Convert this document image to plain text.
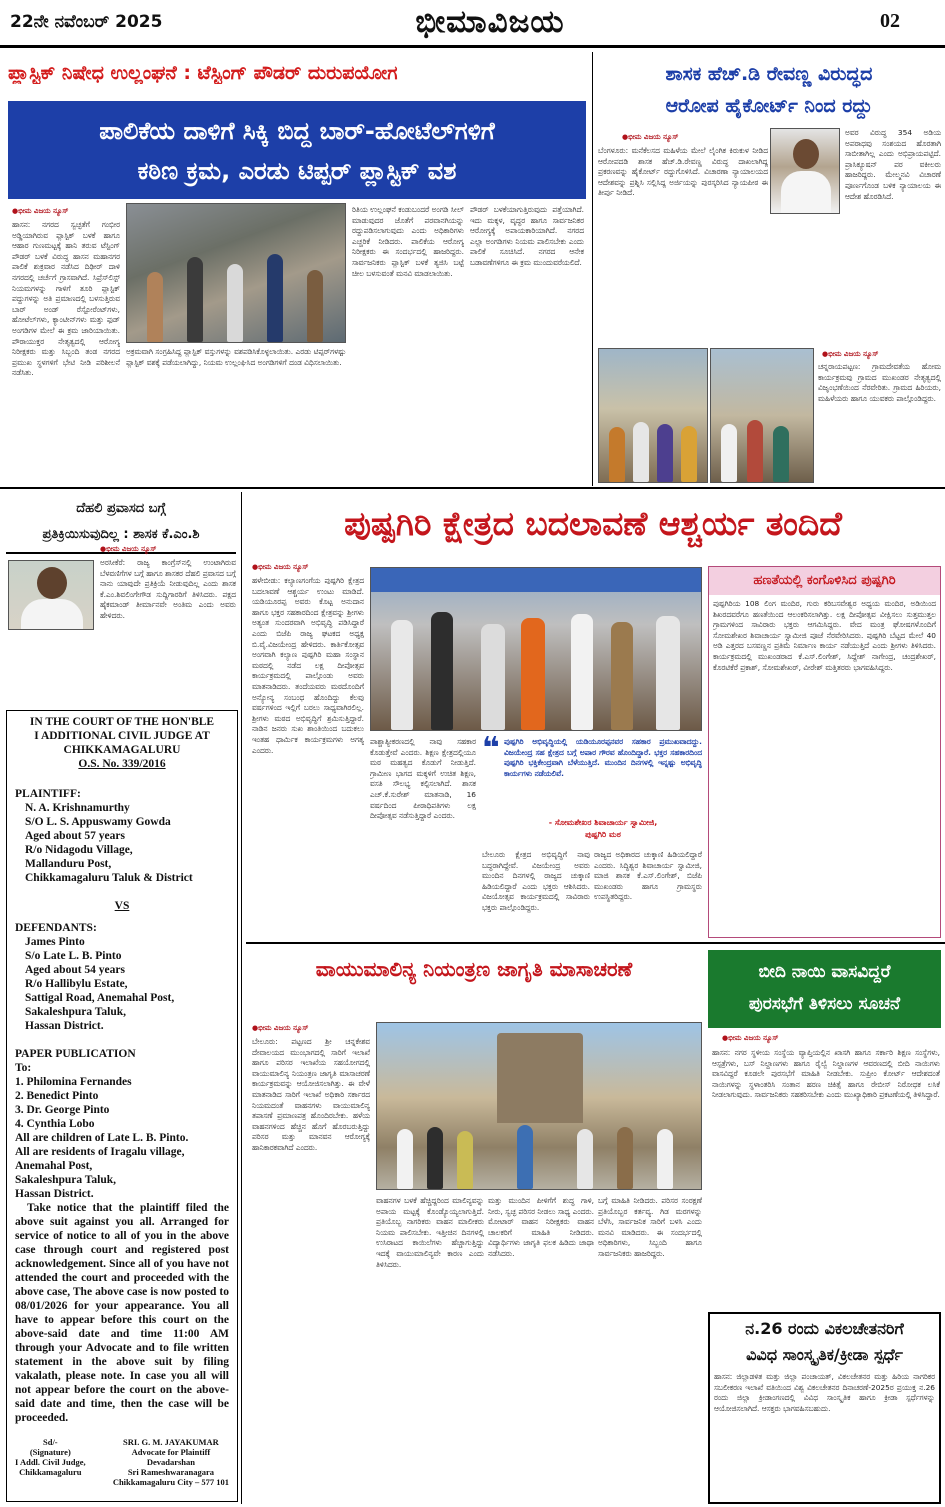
22ನೇ ನವೆಂಬರ್ 2025	ಭೀಮಾವಿಜಯ	02
ಪ್ಲಾಸ್ಟಿಕ್ ನಿಷೇಧ ಉಲ್ಲಂಘನೆ : ಟೆಸ್ಟಿಂಗ್ ಪೌಡರ್ ದುರುಪಯೋಗ
ಪಾಲಿಕೆಯ ದಾಳಿಗೆ ಸಿಕ್ಕಿ ಬಿದ್ದ ಬಾರ್-ಹೋಟೆಲ್‌ಗಳಿಗೆ
ಕಠಿಣ ಕ್ರಮ, ಎರಡು ಟಿಪ್ಪರ್ ಪ್ಲಾಸ್ಟಿಕ್ ವಶ
● ಭೀಮ ವಿಜಯ ನ್ಯೂಸ್
ಹಾಸನ: ನಗರದ ಸ್ವಚ್ಛತೆಗೆ ಗಂಭೀರ ಅಡ್ಡಿಯಾಗಿರುವ ಪ್ಲಾಸ್ಟಿಕ್ ಬಳಕೆ ಹಾಗೂ ಆಹಾರ ಗುಣಮಟ್ಟಕ್ಕೆ ಹಾನಿ ತರುವ ಟೆಸ್ಟಿಂಗ್ ಪೌಡರ್ ಬಳಕೆ ವಿರುದ್ಧ ಹಾಸನ ಮಹಾನಗರ ಪಾಲಿಕೆ ಶುಕ್ರವಾರ ನಡೆಸಿದ ದಿಢೀರ್ ದಾಳಿ ನಗರದಲ್ಲಿ ಚರ್ಚೆಗೆ ಗ್ರಾಸವಾಗಿದೆ. ಸಿಪ್ರೆಸ್‌ಲಿಸ್ಟ್ ನಿಯಮಗಳನ್ನು ಗಾಳಿಗೆ ತೂರಿ ಪ್ಲಾಸ್ಟಿಕ್ ಪದ್ದುಗಳನ್ನು ಅತಿ ಪ್ರಮಾಣದಲ್ಲಿ ಬಳಸುತ್ತಿರುವ ಬಾರ್ ಅಂಡ್ ರೆಸ್ಟೋರೆಂಟ್‌ಗಳು, ಹೋಟೆಲ್‌ಗಳು, ಕ್ಯಾಂಟೀನ್‌ಗಳು ಮತ್ತು ಫುಡ್ ಅಂಗಡಿಗಳ ಮೇಲೆ ಈ ಕ್ರಮ ಜಾರಿಯಾಯಿತು. ಪೌರಾಯುಕ್ತರ ನೇತೃತ್ವದಲ್ಲಿ ಆರೋಗ್ಯ ನಿರೀಕ್ಷಕರು ಮತ್ತು ಸಿಬ್ಬಂದಿ ತಂಡ ನಗರದ ಪ್ರಮುಖ ಸ್ಥಳಗಳಿಗೆ ಭೇಟಿ ನೀಡಿ ಪರಿಶೀಲನೆ ನಡೆಸಿತು.
ಅಕ್ರಮವಾಗಿ ಸಂಗ್ರಹಿಸಿದ್ದ ಪ್ಲಾಸ್ಟಿಕ್ ವಸ್ತುಗಳನ್ನು ವಶಪಡಿಸಿಕೊಳ್ಳಲಾಯಿತು. ಎರಡು ಟಿಪ್ಪರ್‌ಗಳಷ್ಟು ಪ್ಲಾಸ್ಟಿಕ್ ವಶಕ್ಕೆ ಪಡೆಯಲಾಗಿದ್ದು, ನಿಯಮ ಉಲ್ಲಂಘಿಸಿದ ಅಂಗಡಿಗಳಿಗೆ ದಂಡ ವಿಧಿಸಲಾಯಿತು.
ರಿತಿಯ ಉಲ್ಲಂಘನೆ ಕಂಡುಬಂದರೆ ಅಂಗಡಿ ಸೀಲ್ ಮಾಡುವುದರ ಜೊತೆಗೆ ಪರವಾನಗಿಯನ್ನು ರದ್ದುಪಡಿಸಲಾಗುವುದು ಎಂದು ಅಧಿಕಾರಿಗಳು ಎಚ್ಚರಿಕೆ ನೀಡಿದರು. ಪಾಲಿಕೆಯ ಆರೋಗ್ಯ ನಿರೀಕ್ಷಕರು ಈ ಸಂದರ್ಭದಲ್ಲಿ ಹಾಜರಿದ್ದರು. ಸಾರ್ವಜನಿಕರು ಪ್ಲಾಸ್ಟಿಕ್ ಬಳಕೆ ತ್ಯಜಿಸಿ ಬಟ್ಟೆ ಚೀಲ ಬಳಸುವಂತೆ ಮನವಿ ಮಾಡಲಾಯಿತು.
ಪೌಡರ್ ಬಳಕೆಯಾಗುತ್ತಿರುವುದು ಪತ್ತೆಯಾಗಿದೆ. ಇದು ಮಕ್ಕಳ, ವೃದ್ಧರ ಹಾಗೂ ಸಾರ್ವಜನಿಕರ ಆರೋಗ್ಯಕ್ಕೆ ಅಪಾಯಕಾರಿಯಾಗಿದೆ. ನಗರದ ಎಲ್ಲಾ ಅಂಗಡಿಗಳು ನಿಯಮ ಪಾಲಿಸಬೇಕು ಎಂದು ಪಾಲಿಕೆ ಸೂಚಿಸಿದೆ. ನಗರದ ಆನೇಕ ಬಡಾವಣೆಗಳಿಗೂ ಈ ಕ್ರಮ ಮುಂದುವರೆಯಲಿದೆ.
ಶಾಸಕ ಹೆಚ್.ಡಿ ರೇವಣ್ಣ ವಿರುದ್ಧದ
ಆರೋಪ ಹೈಕೋರ್ಟ್ ನಿಂದ ರದ್ದು
● ಭೀಮ ವಿಜಯ ನ್ಯೂಸ್
ಬೆಂಗಳೂರು: ಮನೆಕೆಲಸದ ಮಹಿಳೆಯ ಮೇಲೆ ಲೈಂಗಿಕ ಕಿರುಕುಳ ನೀಡಿದ ಆರೋಪದಡಿ ಶಾಸಕ ಹೆಚ್.ಡಿ.ರೇವಣ್ಣ ವಿರುದ್ಧ ದಾಖಲಾಗಿದ್ದ ಪ್ರಕರಣವನ್ನು ಹೈಕೋರ್ಟ್ ರದ್ದುಗೊಳಿಸಿದೆ. ವಿಚಾರಣಾ ನ್ಯಾಯಾಲಯದ ಆದೇಶವನ್ನು ಪ್ರಶ್ನಿಸಿ ಸಲ್ಲಿಸಿದ್ದ ಅರ್ಜಿಯನ್ನು ಪುರಸ್ಕರಿಸಿದ ನ್ಯಾಯಪೀಠ ಈ ತೀರ್ಪು ನೀಡಿದೆ.
ಅವರ ವಿರುದ್ಧ 354 ಅಡಿಯ ಅಪರಾಧವು ಸಂಶಯದ ಹೊರತಾಗಿ ಸಾಬೀತಾಗಿಲ್ಲ ಎಂದು ಅಭಿಪ್ರಾಯಪಟ್ಟಿದೆ. ಪ್ರಾಸಿಕ್ಯೂಷನ್ ಪರ ವಕೀಲರು ಹಾಜರಿದ್ದರು. ಮೇಲ್ಮನವಿ ವಿಚಾರಣೆ ಪೂರ್ಣಗೊಂಡ ಬಳಿಕ ನ್ಯಾಯಾಲಯ ಈ ಆದೇಶ ಹೊರಡಿಸಿದೆ.
● ಭೀಮ ವಿಜಯ ನ್ಯೂಸ್
ಚನ್ನರಾಯಪಟ್ಟಣ: ಗ್ರಾಮದೇವತೆಯ ಹೋಮ ಕಾರ್ಯಕ್ರಮವು ಗ್ರಾಮದ ಮುಖಂಡರ ನೇತೃತ್ವದಲ್ಲಿ ವಿಜೃಂಭಣೆಯಿಂದ ನೆರವೇರಿತು. ಗ್ರಾಮದ ಹಿರಿಯರು, ಮಹಿಳೆಯರು ಹಾಗೂ ಯುವಕರು ಪಾಲ್ಗೊಂಡಿದ್ದರು.
ದೆಹಲಿ ಪ್ರವಾಸದ ಬಗ್ಗೆ
ಪ್ರತಿಕ್ರಿಯಿಸುವುದಿಲ್ಲ : ಶಾಸಕ ಕೆ.ಎಂ.ಶಿ
● ಭೀಮ ವಿಜಯ ನ್ಯೂಸ್
ಅರಸೀಕೆರೆ: ರಾಜ್ಯ ಕಾಂಗ್ರೆಸ್‌ನಲ್ಲಿ ಉಂಟಾಗಿರುವ ಬೆಳವಣಿಗೆಗಳ ಬಗ್ಗೆ ಹಾಗೂ ಶಾಸಕರ ದೆಹಲಿ ಪ್ರವಾಸದ ಬಗ್ಗೆ ನಾನು ಯಾವುದೇ ಪ್ರತಿಕ್ರಿಯೆ ನೀಡುವುದಿಲ್ಲ ಎಂದು ಶಾಸಕ ಕೆ.ಎಂ.ಶಿವಲಿಂಗೇಗೌಡ ಸುದ್ದಿಗಾರರಿಗೆ ತಿಳಿಸಿದರು. ಪಕ್ಷದ ಹೈಕಮಾಂಡ್ ತೀರ್ಮಾನವೇ ಅಂತಿಮ ಎಂದು ಅವರು ಹೇಳಿದರು.
IN THE COURT OF THE HON'BLE
I ADDITIONAL CIVIL JUDGE AT
CHIKKAMAGALURU
O.S. No. 339/2016
PLAINTIFF:
N. A. Krishnamurthy
S/O L. S. Appuswamy Gowda
Aged about 57 years
R/o Nidagodu Village,
Mallanduru Post,
Chikkamagaluru Taluk & District
VS
DEFENDANTS:
James Pinto
S/o Late L. B. Pinto
Aged about 54 years
R/o Hallibylu Estate,
Sattigal Road, Anemahal Post,
Sakaleshpura Taluk,
Hassan District.
PAPER PUBLICATION
To:
1. Philomina Fernandes
2. Benedict Pinto
3. Dr. George Pinto
4. Cynthia Lobo
All are children of Late L. B. Pinto.
All are residents of Iragalu village,
Anemahal Post,
Sakaleshpura Taluk,
Hassan District.
Take notice that the plaintiff filed the above suit against you all. Arranged for service of notice to all of you in the above case through court and registered post acknowledgement. Since all of you have not attended the court and proceeded with the above case, The above case is now posted to 08/01/2026 for your appearance. You all have to appear before this court on the above-said date and time 11:00 AM through your Advocate and to file written statement in the above suit by filing vakalath, please note. In case you all will not appear before the court on the above-said date and time, then the case will be proceeded.
Sd/-
(Signature)
I Addl. Civil Judge,
Chikkamagaluru
SRI. G. M. JAYAKUMAR
Advocate for Plaintiff
Devadarshan
Sri Rameshwaranagara
Chikkamagaluru City – 577 101
ಪುಷ್ಪಗಿರಿ ಕ್ಷೇತ್ರದ ಬದಲಾವಣೆ ಆಶ್ಚರ್ಯ ತಂದಿದೆ
● ಭೀಮ ವಿಜಯ ನ್ಯೂಸ್
ಹಳೇಬೀಡು: ಕಲ್ಯಾಣಗಂಗೆಯ ಪುಷ್ಪಗಿರಿ ಕ್ಷೇತ್ರದ ಬದಲಾವಣೆ ಆಶ್ಚರ್ಯ ಉಂಟು ಮಾಡಿದೆ. ಯಡಿಯೂರಪ್ಪ ಅವರು ಕೊಟ್ಟ ಅನುದಾನ ಹಾಗೂ ಭಕ್ತರ ಸಹಕಾರದಿಂದ ಕ್ಷೇತ್ರವನ್ನು ಶ್ರೀಗಳು ಅತ್ಯಂತ ಸುಂದರವಾಗಿ ಅಭಿವೃದ್ಧಿ ಪಡಿಸಿದ್ದಾರೆ ಎಂದು ಬಿಜೆಪಿ ರಾಜ್ಯ ಘಟಕದ ಅಧ್ಯಕ್ಷ ಬಿ.ವೈ.ವಿಜಯೇಂದ್ರ ಹೇಳಿದರು. ಕಾರ್ತಿಕೋತ್ಸವ ಅಂಗವಾಗಿ ಕಲ್ಯಾಣ ಪುಷ್ಪಗಿರಿ ಮಹಾ ಸಂಸ್ಥಾನ ಮಠದಲ್ಲಿ ನಡೆದ ಲಕ್ಷ ದೀಪೋತ್ಸವ ಕಾರ್ಯಕ್ರಮದಲ್ಲಿ ಪಾಲ್ಗೊಂಡು ಅವರು ಮಾತನಾಡಿದರು. ತಂದೆಯವರು ಮಠದೊಂದಿಗೆ ಅನ್ಯೋನ್ಯ ಸಂಬಂಧ ಹೊಂದಿದ್ದು ಕೆಲವು ವರ್ಷಗಳಿಂದ ಇಲ್ಲಿಗೆ ಬರಲು ಸಾಧ್ಯವಾಗಿರಲಿಲ್ಲ. ಶ್ರೀಗಳು ಮಠದ ಅಭಿವೃದ್ಧಿಗೆ ಶ್ರಮಿಸುತ್ತಿದ್ದಾರೆ. ನಾಡಿನ ಜನರು ಸುಖ ಶಾಂತಿಯಿಂದ ಬದುಕಲು ಇಂತಹ ಧಾರ್ಮಿಕ ಕಾರ್ಯಕ್ರಮಗಳು ಅಗತ್ಯ ಎಂದರು.
ಪಾಶ್ಚಾತ್ಯೀಕರಣದಲ್ಲಿ ನಾವು ಸಹಕಾರ ಕೊಡುತ್ತೇವೆ ಎಂದರು. ಶಿಕ್ಷಣ ಕ್ಷೇತ್ರದಲ್ಲಿಯೂ ಮಠ ಮಹತ್ವದ ಕೊಡುಗೆ ನೀಡುತ್ತಿದೆ. ಗ್ರಾಮೀಣ ಭಾಗದ ಮಕ್ಕಳಿಗೆ ಉಚಿತ ಶಿಕ್ಷಣ, ವಸತಿ ಸೌಲಭ್ಯ ಕಲ್ಪಿಸಲಾಗಿದೆ. ಶಾಸಕ ಎಚ್.ಕೆ.ಸುರೇಶ್ ಮಾತನಾಡಿ, 16 ವರ್ಷದಿಂದ ಪೀಠಾಧಿಪತಿಗಳು ಲಕ್ಷ ದೀಪೋತ್ಸವ ನಡೆಸುತ್ತಿದ್ದಾರೆ ಎಂದರು.
❝ ಪುಷ್ಪಗಿರಿ ಅಭಿವೃದ್ಧಿಯಲ್ಲಿ ಯಡಿಯೂರಪ್ಪನವರ ಸಹಕಾರ ಪ್ರಮುಖವಾದದ್ದು. ವಿಜಯೇಂದ್ರ ಸಹ ಕ್ಷೇತ್ರದ ಬಗ್ಗೆ ಅಪಾರ ಗೌರವ ಹೊಂದಿದ್ದಾರೆ. ಭಕ್ತರ ಸಹಕಾರದಿಂದ ಪುಷ್ಪಗಿರಿ ಭಕ್ತಿಕೇಂದ್ರವಾಗಿ ಬೆಳೆಯುತ್ತಿದೆ. ಮುಂದಿನ ದಿನಗಳಲ್ಲಿ ಇನ್ನಷ್ಟು ಅಭಿವೃದ್ಧಿ ಕಾರ್ಯಗಳು ನಡೆಯಲಿವೆ.
- ಸೋಮಶೇಖರ ಶಿವಾಚಾರ್ಯ ಸ್ವಾಮೀಜಿ,
ಪುಷ್ಪಗಿರಿ ಮಠ
ಬೇಲೂರು ಕ್ಷೇತ್ರದ ಅಭಿವೃದ್ಧಿಗೆ ನಾವು ಬದ್ಧರಾಗಿದ್ದೇವೆ. ವಿಜಯೇಂದ್ರ ಅವರು ಮುಂದಿನ ದಿನಗಳಲ್ಲಿ ರಾಜ್ಯದ ಚುಕ್ಕಾಣಿ ಹಿಡಿಯಲಿದ್ದಾರೆ ಎಂದು ಭಕ್ತರು ಆಶಿಸಿದರು. ವಿಜಯೋತ್ಸವ ಕಾರ್ಯಕ್ರಮದಲ್ಲಿ ಸಾವಿರಾರು ಭಕ್ತರು ಪಾಲ್ಗೊಂಡಿದ್ದರು.
ರಾಜ್ಯದ ಅಧಿಕಾರದ ಚುಕ್ಕಾಣಿ ಹಿಡಿಯಲಿದ್ದಾರೆ ಎಂದರು. ಸಿದ್ಧಿಶ್ವರ ಶಿವಾಚಾರ್ಯ ಸ್ವಾಮೀಜಿ, ಮಾಜಿ ಶಾಸಕ ಕೆ.ಎಸ್.ಲಿಂಗೇಶ್, ಬಿಜೆಪಿ ಮುಖಂಡರು ಹಾಗೂ ಗ್ರಾಮಸ್ಥರು ಉಪಸ್ಥಿತರಿದ್ದರು.
ಹಣತೆಯಲ್ಲಿ ಕಂಗೊಳಿಸಿದ ಪುಷ್ಪಗಿರಿ
ಪುಷ್ಪಗಿರಿಯ 108 ಲಿಂಗ ಮಂದಿರ, ಗುರು ಕರಿಬಸವೇಶ್ವರ ಅಧ್ಯಯ ಮಂದಿರ, ಅಡಿಯಿಂದ ಶಿಖರದವರೆಗೂ ಹಣತೆಯಿಂದ ಆಲಂಕರಿಸಲಾಗಿತ್ತು. ಲಕ್ಷ ದೀಪೋತ್ಸವ ವೀಕ್ಷಿಸಲು ಸುತ್ತಮುತ್ತಲ ಗ್ರಾಮಗಳಿಂದ ಸಾವಿರಾರು ಭಕ್ತರು ಆಗಮಿಸಿದ್ದರು. ವೇದ ಮಂತ್ರ ಘೋಷಗಳೊಂದಿಗೆ ಸೋಮಶೇಖರ ಶಿವಾಚಾರ್ಯ ಸ್ವಾಮೀಜಿ ಪೂಜೆ ನೆರವೇರಿಸಿದರು. ಪುಷ್ಪಗಿರಿ ಬೆಟ್ಟದ ಮೇಲೆ 40 ಅಡಿ ಎತ್ತರದ ಬಸವಣ್ಣನ ಪ್ರತಿಮೆ ನಿರ್ಮಾಣ ಕಾರ್ಯ ನಡೆಯುತ್ತಿದೆ ಎಂದು ಶ್ರೀಗಳು ತಿಳಿಸಿದರು. ಕಾರ್ಯಕ್ರಮದಲ್ಲಿ ಮುಖಂಡರಾದ ಕೆ.ಎಸ್.ಲಿಂಗೇಶ್, ಸಿದ್ದೇಶ್ ನಾಗೇಂದ್ರ, ಚಂದ್ರಶೇಖರ್, ಕೊರಟಿಕೆರೆ ಪ್ರಕಾಶ್, ಸೋಮಶೇಖರ್, ವೀರೇಶ್ ಮತ್ತಿತರರು ಭಾಗವಹಿಸಿದ್ದರು.
ವಾಯುಮಾಲಿನ್ಯ ನಿಯಂತ್ರಣ ಜಾಗೃತಿ ಮಾಸಾಚರಣೆ
● ಭೀಮ ವಿಜಯ ನ್ಯೂಸ್
ಬೇಲೂರು: ಪಟ್ಟಣದ ಶ್ರೀ ಚನ್ನಕೇಶವ ದೇವಾಲಯದ ಮುಂಭಾಗದಲ್ಲಿ ಸಾರಿಗೆ ಇಲಾಖೆ ಹಾಗೂ ಪರಿಸರ ಇಲಾಖೆಯ ಸಹಯೋಗದಲ್ಲಿ ವಾಯುಮಾಲಿನ್ಯ ನಿಯಂತ್ರಣ ಜಾಗೃತಿ ಮಾಸಾಚರಣೆ ಕಾರ್ಯಕ್ರಮವನ್ನು ಆಯೋಜಿಸಲಾಗಿತ್ತು. ಈ ವೇಳೆ ಮಾತನಾಡಿದ ಸಾರಿಗೆ ಇಲಾಖೆ ಅಧಿಕಾರಿ ಸರ್ಕಾರದ ನಿಯಮದಂತೆ ವಾಹನಗಳು ವಾಯುಮಾಲಿನ್ಯ ತಪಾಸಣೆ ಪ್ರಮಾಣಪತ್ರ ಹೊಂದಿರಬೇಕು. ಹಳೆಯ ವಾಹನಗಳಿಂದ ಹೆಚ್ಚಿನ ಹೊಗೆ ಹೊರಬರುತ್ತಿದ್ದು ಪರಿಸರ ಮತ್ತು ಮಾನವನ ಆರೋಗ್ಯಕ್ಕೆ ಹಾನಿಕಾರಕವಾಗಿದೆ ಎಂದರು.
ವಾಹನಗಳ ಬಳಕೆ ಹೆಚ್ಚಿದ್ದರಿಂದ ಮಾಲಿನ್ಯವನ್ನು ಅಪಾಯ ಮಟ್ಟಕ್ಕೆ ಕೊಂಡ್ಯೊಯ್ಯಲಾಗುತ್ತಿದೆ. ಪ್ರತಿಯೊಬ್ಬ ನಾಗರಿಕರು ವಾಹನ ಮಾಲೀಕರು ನಿಯಮ ಪಾಲಿಸಬೇಕು. ಇತ್ತೀಚಿನ ದಿನಗಳಲ್ಲಿ ಉಸಿರಾಟದ ಕಾಯಿಲೆಗಳು ಹೆಚ್ಚಾಗುತ್ತಿದ್ದು ಇದಕ್ಕೆ ವಾಯುಮಾಲಿನ್ಯವೇ ಕಾರಣ ಎಂದು ತಿಳಿಸಿದರು.
ಮತ್ತು ಮುಂದಿನ ಪೀಳಿಗೆಗೆ ಶುದ್ಧ ಗಾಳಿ, ನೀರು, ಸ್ವಚ್ಛ ಪರಿಸರ ನೀಡಲು ಸಾಧ್ಯ ಎಂದರು. ಮೋಟಾರ್ ವಾಹನ ನಿರೀಕ್ಷಕರು ವಾಹನ ಚಾಲಕರಿಗೆ ಮಾಹಿತಿ ನೀಡಿದರು. ವಿದ್ಯಾರ್ಥಿಗಳು ಜಾಗೃತಿ ಫಲಕ ಹಿಡಿದು ಜಾಥಾ ನಡೆಸಿದರು.
ಬಗ್ಗೆ ಮಾಹಿತಿ ನೀಡಿದರು. ಪರಿಸರ ಸಂರಕ್ಷಣೆ ಪ್ರತಿಯೊಬ್ಬರ ಕರ್ತವ್ಯ. ಗಿಡ ಮರಗಳನ್ನು ಬೆಳೆಸಿ, ಸಾರ್ವಜನಿಕ ಸಾರಿಗೆ ಬಳಸಿ ಎಂದು ಮನವಿ ಮಾಡಿದರು. ಈ ಸಂದರ್ಭದಲ್ಲಿ ಅಧಿಕಾರಿಗಳು, ಸಿಬ್ಬಂದಿ ಹಾಗೂ ಸಾರ್ವಜನಿಕರು ಹಾಜರಿದ್ದರು.
ಬೀದಿ ನಾಯಿ ವಾಸವಿದ್ದರೆ
ಪುರಸಭೆಗೆ ತಿಳಿಸಲು ಸೂಚನೆ
● ಭೀಮ ವಿಜಯ ನ್ಯೂಸ್
ಹಾಸನ: ನಗರ ಸ್ಥಳೀಯ ಸಂಸ್ಥೆಯ ವ್ಯಾಪ್ತಿಯಲ್ಲಿನ ಖಾಸಗಿ ಹಾಗೂ ಸರ್ಕಾರಿ ಶಿಕ್ಷಣ ಸಂಸ್ಥೆಗಳು, ಆಸ್ಪತ್ರೆಗಳು, ಬಸ್ ನಿಲ್ದಾಣಗಳು ಹಾಗೂ ರೈಲ್ವೆ ನಿಲ್ದಾಣಗಳ ಆವರಣದಲ್ಲಿ ಬೀದಿ ನಾಯಿಗಳು ವಾಸವಿದ್ದರೆ ಕೂಡಲೇ ಪುರಸಭೆಗೆ ಮಾಹಿತಿ ನೀಡಬೇಕು. ಸುಪ್ರೀಂ ಕೋರ್ಟ್ ಆದೇಶದಂತೆ ನಾಯಿಗಳನ್ನು ಸ್ಥಳಾಂತರಿಸಿ ಸಂತಾನ ಹರಣ ಚಿಕಿತ್ಸೆ ಹಾಗೂ ರೇಬೀಸ್ ನಿರೋಧಕ ಲಸಿಕೆ ನೀಡಲಾಗುವುದು. ಸಾರ್ವಜನಿಕರು ಸಹಕರಿಸಬೇಕು ಎಂದು ಮುಖ್ಯಾಧಿಕಾರಿ ಪ್ರಕಟಣೆಯಲ್ಲಿ ತಿಳಿಸಿದ್ದಾರೆ.
ನ.26 ರಂದು ವಿಕಲಚೇತನರಿಗೆ
ವಿವಿಧ ಸಾಂಸ್ಕೃತಿಕ/ಕ್ರೀಡಾ ಸ್ಪರ್ಧೆ
ಹಾಸನ: ಜಿಲ್ಲಾಡಳಿತ ಮತ್ತು ಜಿಲ್ಲಾ ಪಂಚಾಯತ್, ವಿಕಲಚೇತನರ ಮತ್ತು ಹಿರಿಯ ನಾಗರಿಕರ ಸಬಲೀಕರಣ ಇಲಾಖೆ ವತಿಯಿಂದ ವಿಶ್ವ ವಿಕಲಚೇತನರ ದಿನಾಚರಣೆ-2025ರ ಪ್ರಯುಕ್ತ ನ.26 ರಂದು ಜಿಲ್ಲಾ ಕ್ರೀಡಾಂಗಣದಲ್ಲಿ ವಿವಿಧ ಸಾಂಸ್ಕೃತಿಕ ಹಾಗೂ ಕ್ರೀಡಾ ಸ್ಪರ್ಧೆಗಳನ್ನು ಆಯೋಜಿಸಲಾಗಿದೆ. ಆಸಕ್ತರು ಭಾಗವಹಿಸಬಹುದು.
